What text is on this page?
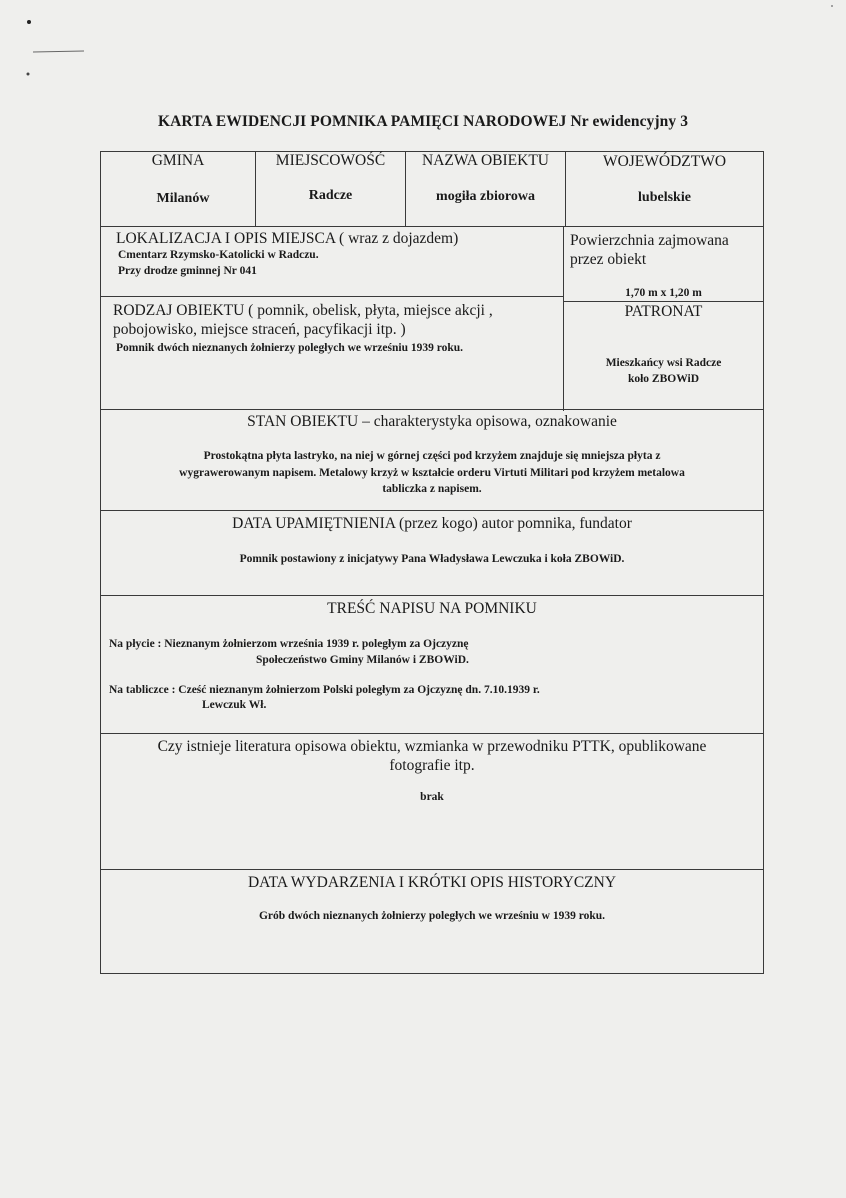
KARTA EWIDENCJI POMNIKA PAMIĘCI NARODOWEJ Nr ewidencyjny 3
GMINA
Milanów
MIEJSCOWOŚĆ
Radcze
NAZWA OBIEKTU
mogiła zbiorowa
WOJEWÓDZTWO
lubelskie
LOKALIZACJA I OPIS MIEJSCA ( wraz z dojazdem)
Cmentarz Rzymsko-Katolicki w Radczu.
Przy drodze gminnej Nr 041
Powierzchnia zajmowana
przez obiekt
1,70 m x 1,20 m
RODZAJ OBIEKTU ( pomnik, obelisk, płyta, miejsce akcji ,
pobojowisko, miejsce straceń, pacyfikacji itp. )
Pomnik dwóch nieznanych żołnierzy poległych we wrześniu 1939 roku.
PATRONAT
Mieszkańcy wsi Radcze
koło ZBOWiD
STAN OBIEKTU – charakterystyka opisowa, oznakowanie
Prostokątna płyta lastryko, na niej w górnej części pod krzyżem znajduje się mniejsza płyta z
wygrawerowanym napisem. Metalowy krzyż w kształcie orderu Virtuti Militari pod krzyżem metalowa
tabliczka z napisem.
DATA UPAMIĘTNIENIA (przez kogo) autor pomnika, fundator
Pomnik postawiony z inicjatywy Pana Władysława Lewczuka i koła ZBOWiD.
TREŚĆ NAPISU NA POMNIKU
Na płycie : Nieznanym żołnierzom września 1939 r. poległym za Ojczyznę
Społeczeństwo Gminy Milanów i ZBOWiD.
Na tabliczce : Cześć nieznanym żołnierzom Polski poległym za Ojczyznę dn. 7.10.1939 r.
Lewczuk Wł.
Czy istnieje literatura opisowa obiektu, wzmianka w przewodniku PTTK, opublikowane
fotografie itp.
brak
DATA WYDARZENIA I KRÓTKI OPIS HISTORYCZNY
Grób dwóch nieznanych żołnierzy poległych we wrześniu w 1939 roku.
